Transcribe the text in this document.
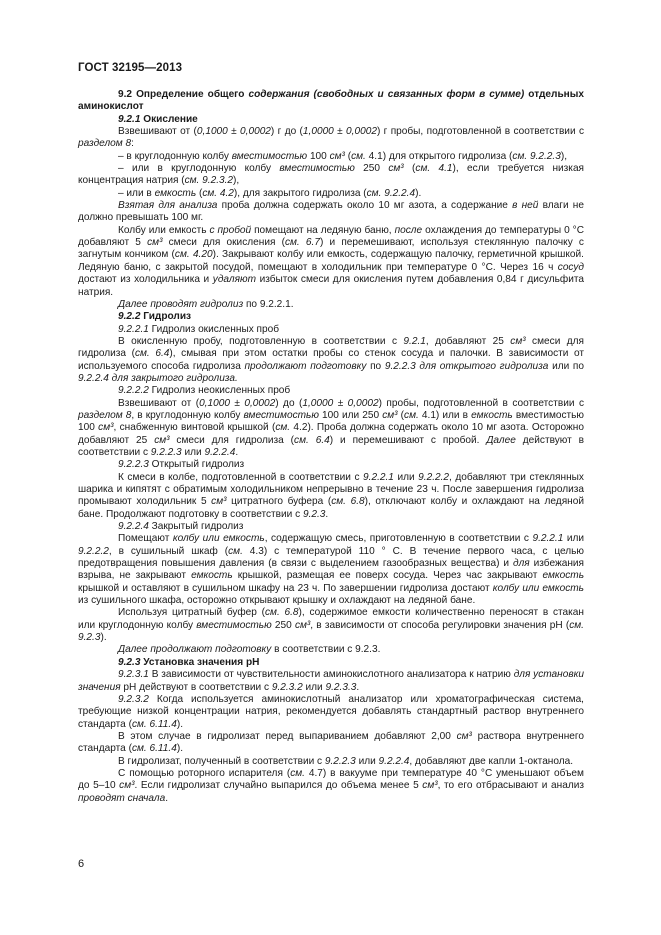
ГОСТ 32195—2013

9.2 Определение общего содержания (свободных и связанных форм в сумме) отдельных аминокислот

9.2.1 Окисление

Взвешивают от (0,1000 ± 0,0002) г до (1,0000 ± 0,0002) г пробы, подготовленной в соответствии с разделом 8:

– в круглодонную колбу вместимостью 100 см³ (см. 4.1) для открытого гидролиза (см. 9.2.2.3),

– или в круглодонную колбу вместимостью 250 см³ (см. 4.1), если требуется низкая концентрация натрия (см. 9.2.3.2),

– или в емкость (см. 4.2), для закрытого гидролиза (см. 9.2.2.4).

Взятая для анализа проба должна содержать около 10 мг азота, а содержание в ней влаги не должно превышать 100 мг.

Колбу или емкость с пробой помещают на ледяную баню, после охлаждения до температуры 0 °С добавляют 5 см³ смеси для окисления (см. 6.7) и перемешивают, используя стеклянную палочку с загнутым кончиком (см. 4.20). Закрывают колбу или емкость, содержащую палочку, герметичной крышкой. Ледяную баню, с закрытой посудой, помещают в холодильник при температуре 0 °С. Через 16 ч сосуд достают из холодильника и удаляют избыток смеси для окисления путем добавления 0,84 г дисульфита натрия.

Далее проводят гидролиз по 9.2.2.1.

9.2.2 Гидролиз

9.2.2.1 Гидролиз окисленных проб

В окисленную пробу, подготовленную в соответствии с 9.2.1, добавляют 25 см³ смеси для гидролиза (см. 6.4), смывая при этом остатки пробы со стенок сосуда и палочки. В зависимости от используемого способа гидролиза продолжают подготовку по 9.2.2.3 для открытого гидролиза или по 9.2.2.4 для закрытого гидролиза.

9.2.2.2 Гидролиз неокисленных проб

Взвешивают от (0,1000 ± 0,0002) до (1,0000 ± 0,0002) пробы, подготовленной в соответствии с разделом 8, в круглодонную колбу вместимостью 100 или 250 см³ (см. 4.1) или в емкость вместимостью 100 см³, снабженную винтовой крышкой (см. 4.2). Проба должна содержать около 10 мг азота. Осторожно добавляют 25 см³ смеси для гидролиза (см. 6.4) и перемешивают с пробой. Далее действуют в соответствии с 9.2.2.3 или 9.2.2.4.

9.2.2.3 Открытый гидролиз

К смеси в колбе, подготовленной в соответствии с 9.2.2.1 или 9.2.2.2, добавляют три стеклянных шарика и кипятят с обратимым холодильником непрерывно в течение 23 ч. После завершения гидролиза промывают холодильник 5 см³ цитратного буфера (см. 6.8), отключают колбу и охлаждают на ледяной бане. Продолжают подготовку в соответствии с 9.2.3.

9.2.2.4 Закрытый гидролиз

Помещают колбу или емкость, содержащую смесь, приготовленную в соответствии с 9.2.2.1 или 9.2.2.2, в сушильный шкаф (см. 4.3) с температурой 110 ° С. В течение первого часа, с целью предотвращения повышения давления (в связи с выделением газообразных вещества) и для избежания взрыва, не закрывают емкость крышкой, размещая ее поверх сосуда. Через час закрывают емкость крышкой и оставляют в сушильном шкафу на 23 ч. По завершении гидролиза достают колбу или емкость из сушильного шкафа, осторожно открывают крышку и охлаждают на ледяной бане.

Используя цитратный буфер (см. 6.8), содержимое емкости количественно переносят в стакан или круглодонную колбу вместимостью 250 см³, в зависимости от способа регулировки значения pH (см. 9.2.3).

Далее продолжают подготовку в соответствии с 9.2.3.

9.2.3 Установка значения pH

9.2.3.1 В зависимости от чувствительности аминокислотного анализатора к натрию для установки значения pH действуют в соответствии с 9.2.3.2 или 9.2.3.3.

9.2.3.2 Когда используется аминокислотный анализатор или хроматографическая система, требующие низкой концентрации натрия, рекомендуется добавлять стандартный раствор внутреннего стандарта (см. 6.11.4).

В этом случае в гидролизат перед выпариванием добавляют 2,00 см³ раствора внутреннего стандарта (см. 6.11.4).

В гидролизат, полученный в соответствии с 9.2.2.3 или 9.2.2.4, добавляют две капли 1-октанола.

С помощью роторного испарителя (см. 4.7) в вакууме при температуре 40 °С уменьшают объем до 5–10 см³. Если гидролизат случайно выпарился до объема менее 5 см³, то его отбрасывают и анализ проводят сначала.

6
